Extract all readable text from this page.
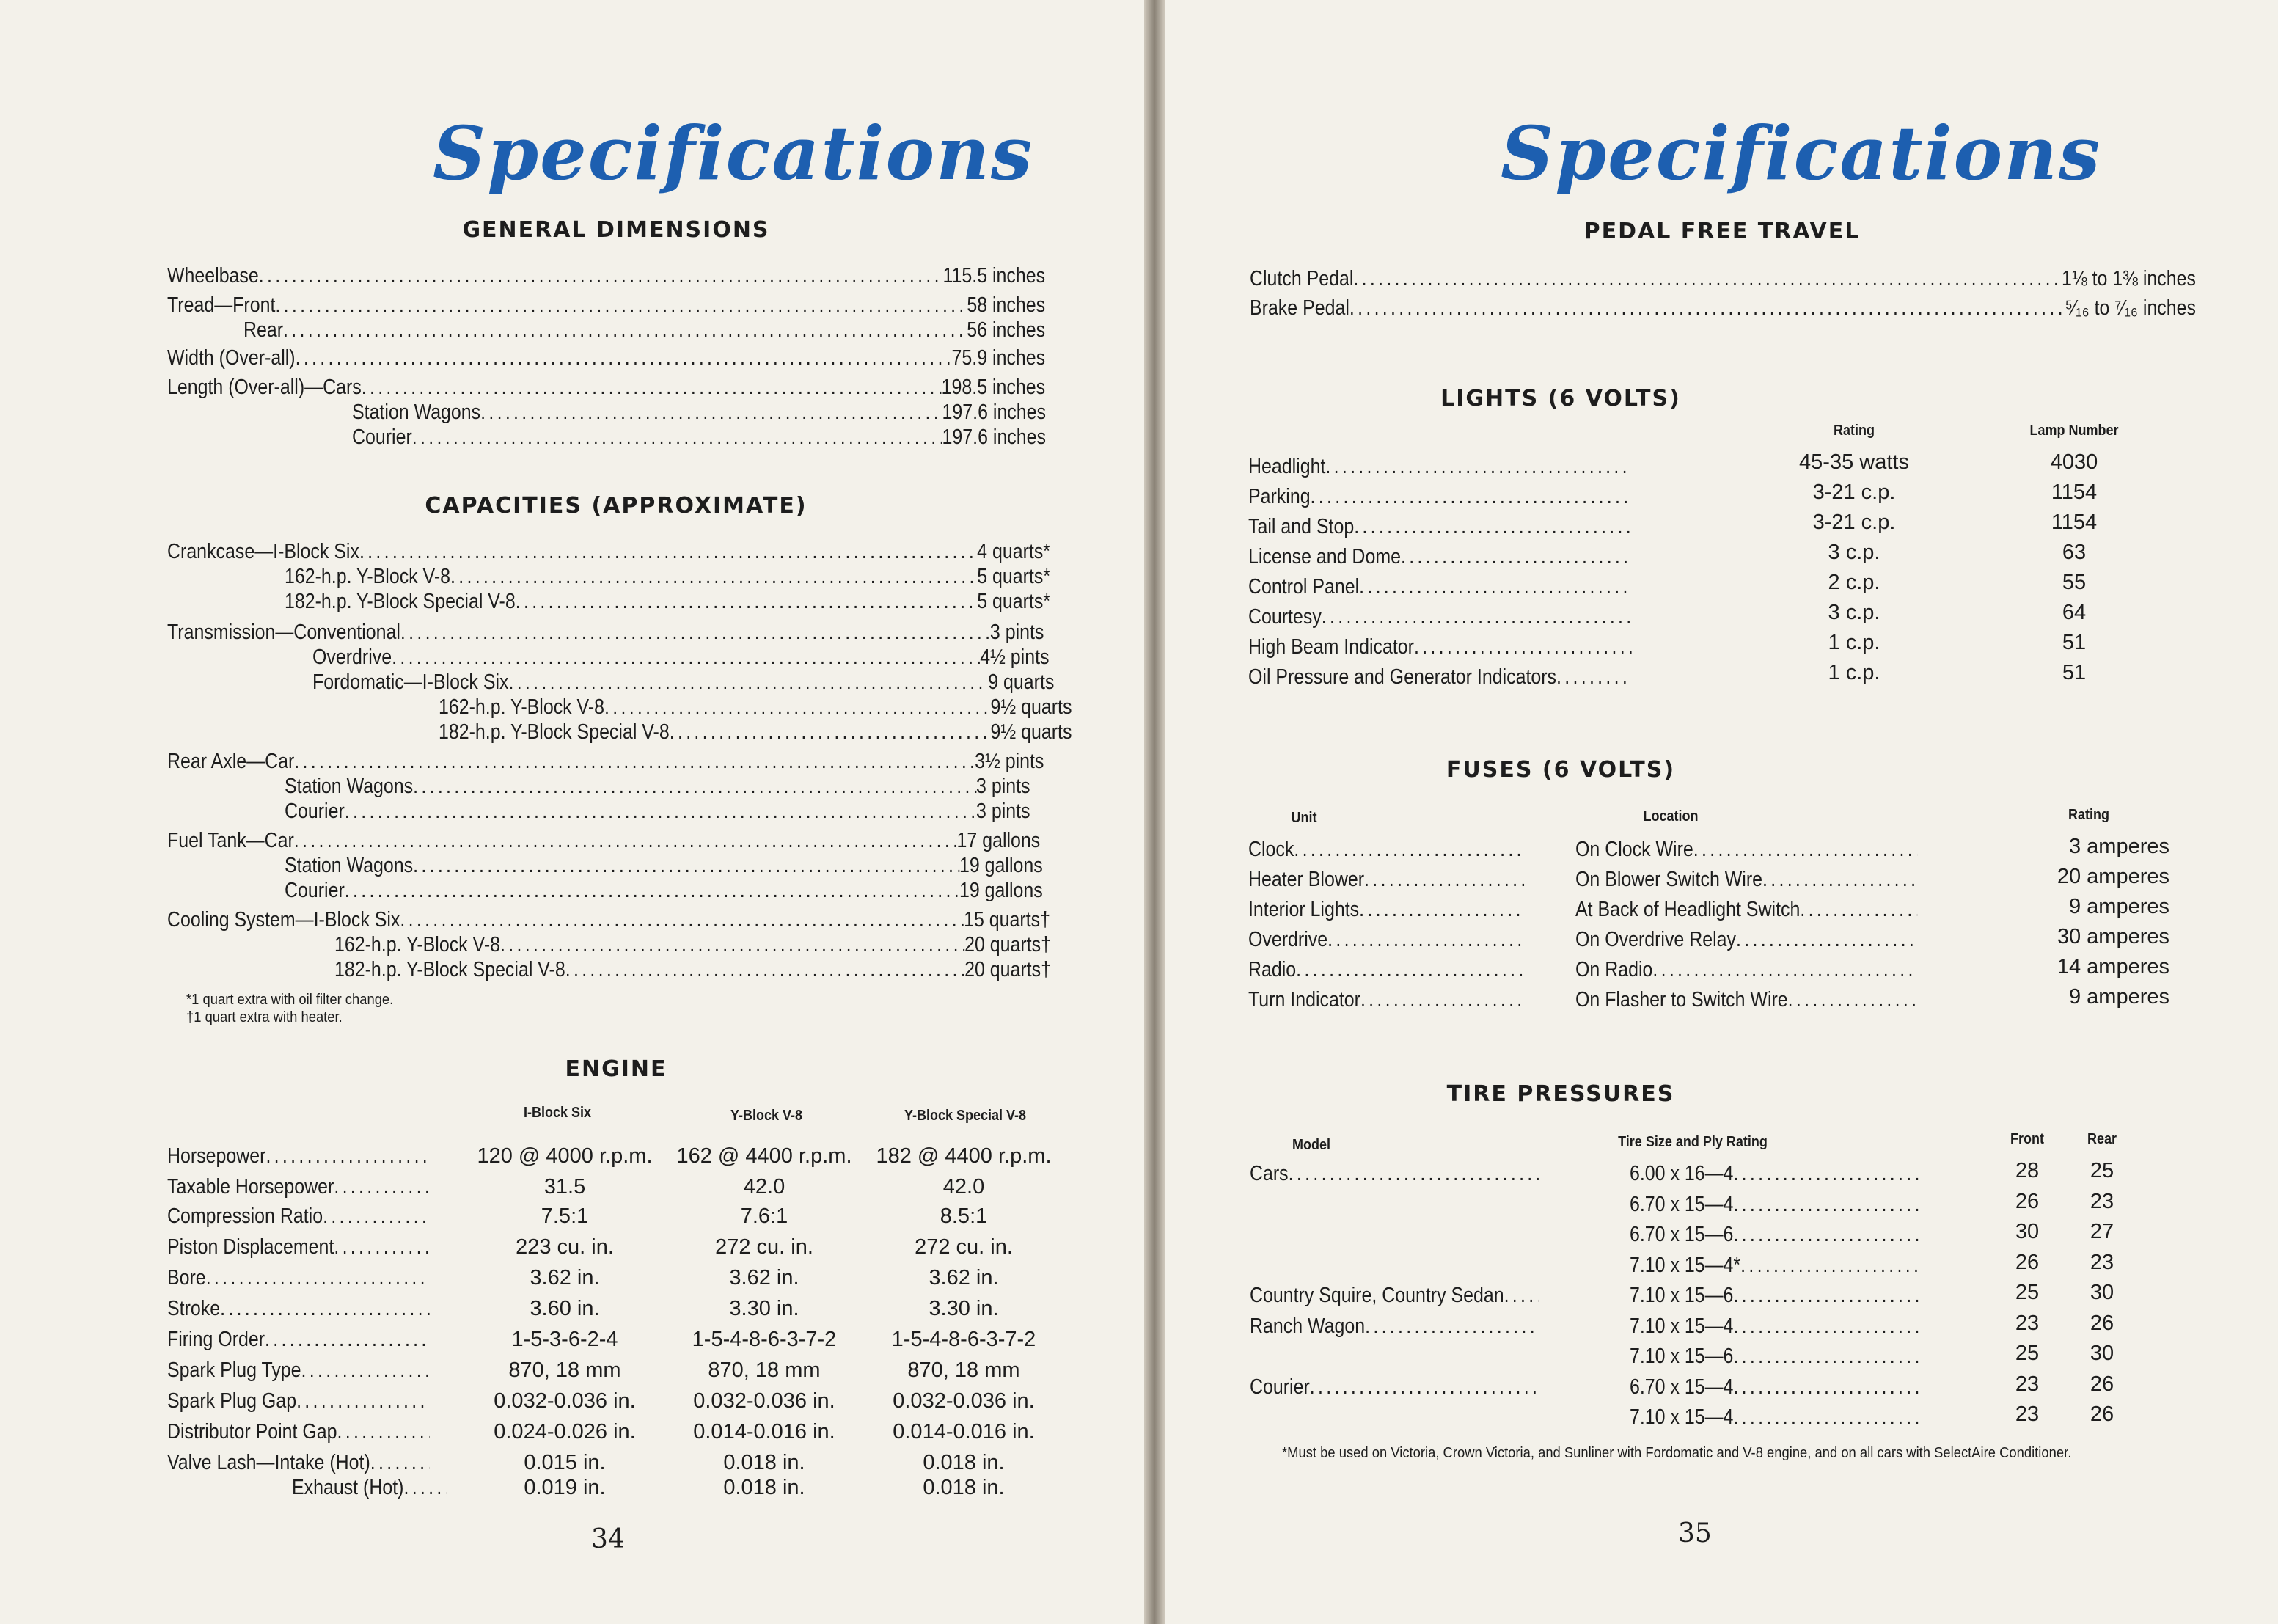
Specifications
GENERAL DIMENSIONS
Wheelbase .....	115.5 inches
Tread—Front .....	58 inches
Rear .....	56 inches
Width (Over-all) .....	75.9 inches
Length (Over-all)—Cars .....	198.5 inches
Station Wagons .....	197.6 inches
Courier .....	197.6 inches
CAPACITIES (APPROXIMATE)
Crankcase—I-Block Six .....	4 quarts*
162-h.p. Y-Block V-8 .....	5 quarts*
182-h.p. Y-Block Special V-8 .....	5 quarts*
Transmission—Conventional .....	3 pints
Overdrive .....	4½ pints
Fordomatic—I-Block Six .....	9 quarts
162-h.p. Y-Block V-8 .....	9½ quarts
182-h.p. Y-Block Special V-8 .....	9½ quarts
Rear Axle—Car .....	3½ pints
Station Wagons .....	3 pints
Courier .....	3 pints
Fuel Tank—Car .....	17 gallons
Station Wagons .....	19 gallons
Courier .....	19 gallons
Cooling System—I-Block Six .....	15 quarts†
162-h.p. Y-Block V-8 .....	20 quarts†
182-h.p. Y-Block Special V-8 .....	20 quarts†
*1 quart extra with oil filter change.
†1 quart extra with heater.
ENGINE
I-Block Six	Y-Block V-8	Y-Block Special V-8
Horsepower .....	120 @ 4000 r.p.m.	162 @ 4400 r.p.m.	182 @ 4400 r.p.m.
Taxable Horsepower .....	31.5	42.0	42.0
Compression Ratio .....	7.5:1	7.6:1	8.5:1
Piston Displacement .....	223 cu. in.	272 cu. in.	272 cu. in.
Bore .....	3.62 in.	3.62 in.	3.62 in.
Stroke .....	3.60 in.	3.30 in.	3.30 in.
Firing Order .....	1-5-3-6-2-4	1-5-4-8-6-3-7-2	1-5-4-8-6-3-7-2
Spark Plug Type .....	870, 18 mm	870, 18 mm	870, 18 mm
Spark Plug Gap .....	0.032-0.036 in.	0.032-0.036 in.	0.032-0.036 in.
Distributor Point Gap .....	0.024-0.026 in.	0.014-0.016 in.	0.014-0.016 in.
Valve Lash—Intake (Hot) .....	0.015 in.	0.018 in.	0.018 in.
Exhaust (Hot) .....	0.019 in.	0.018 in.	0.018 in.
34
Specifications
PEDAL FREE TRAVEL
Clutch Pedal .....	1⅛ to 1⅜ inches
Brake Pedal .....	⁵⁄₁₆ to ⁷⁄₁₆ inches
LIGHTS (6 VOLTS)
Rating	Lamp Number
Headlight .....	45-35 watts	4030
Parking .....	3-21 c.p.	1154
Tail and Stop .....	3-21 c.p.	1154
License and Dome .....	3 c.p.	63
Control Panel .....	2 c.p.	55
Courtesy .....	3 c.p.	64
High Beam Indicator .....	1 c.p.	51
Oil Pressure and Generator Indicators .....	1 c.p.	51
FUSES (6 VOLTS)
Unit	Location	Rating
Clock .....	On Clock Wire .....	3 amperes
Heater Blower .....	On Blower Switch Wire .....	20 amperes
Interior Lights .....	At Back of Headlight Switch .....	9 amperes
Overdrive .....	On Overdrive Relay .....	30 amperes
Radio .....	On Radio .....	14 amperes
Turn Indicator .....	On Flasher to Switch Wire .....	9 amperes
TIRE PRESSURES
Model	Tire Size and Ply Rating	Front	Rear
Cars .....	6.00 x 16—4 .....	28	25
6.70 x 15—4 .....	26	23
6.70 x 15—6 .....	30	27
7.10 x 15—4* .....	26	23
Country Squire, Country Sedan .....	7.10 x 15—6 .....	25	30
Ranch Wagon .....	7.10 x 15—4 .....	23	26
7.10 x 15—6 .....	25	30
Courier .....	6.70 x 15—4 .....	23	26
7.10 x 15—4 .....	23	26
*Must be used on Victoria, Crown Victoria, and Sunliner with Fordomatic and V-8 engine, and on all cars with SelectAire Conditioner.
35
